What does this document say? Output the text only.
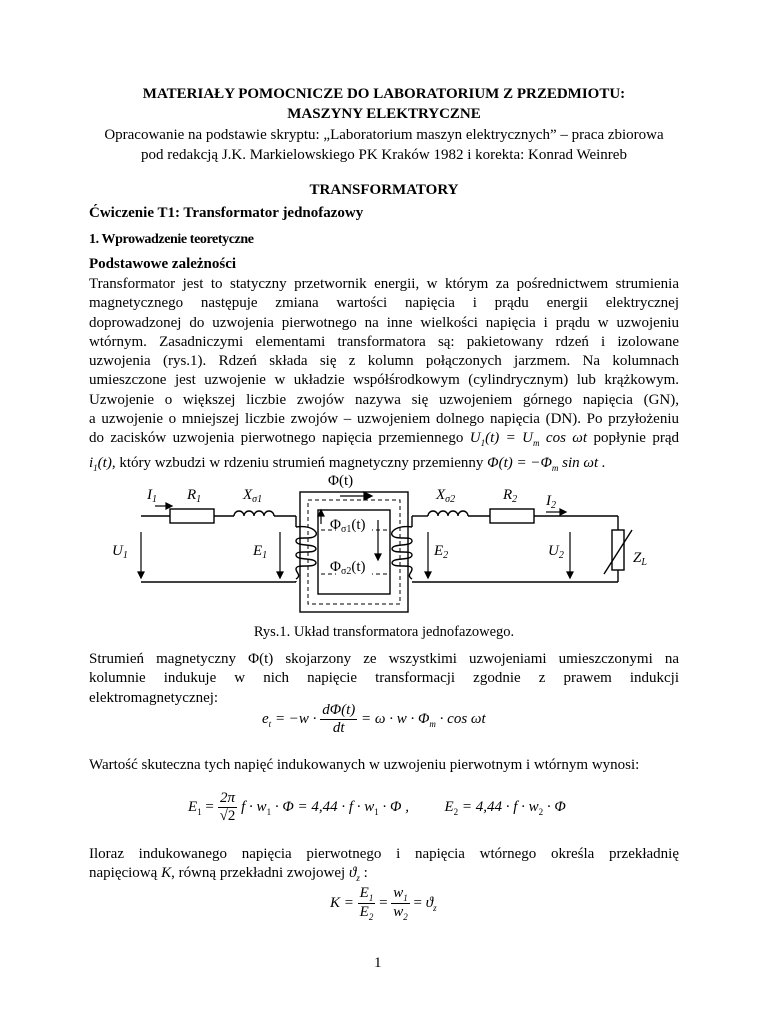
MATERIAŁY POMOCNICZE DO LABORATORIUM Z PRZEDMIOTU:
MASZYNY ELEKTRYCZNE
Opracowanie na podstawie skryptu: „Laboratorium maszyn elektrycznych” – praca zbiorowa
pod redakcją J.K. Markielowskiego PK Kraków 1982 i korekta: Konrad Weinreb
TRANSFORMATORY
Ćwiczenie T1: Transformator jednofazowy
1. Wprowadzenie teoretyczne
Podstawowe zależności
Transformator jest to statyczny przetwornik energii, w którym za pośrednictwem strumienia
magnetycznego następuje zmiana wartości napięcia i prądu energii elektrycznej
doprowadzonej do uzwojenia pierwotnego na inne wielkości napięcia i prądu w uzwojeniu
wtórnym. Zasadniczymi elementami transformatora są: pakietowany rdzeń i izolowane
uzwojenia (rys.1). Rdzeń składa się z kolumn połączonych jarzmem. Na kolumnach
umieszczone jest uzwojenie w układzie współśrodkowym (cylindrycznym) lub krążkowym.
Uzwojenie o większej liczbie zwojów nazywa się uzwojeniem górnego napięcia (GN),
a uzwojenie o mniejszej liczbie zwojów – uzwojeniem dolnego napięcia (DN). Po przyłożeniu
do zacisków uzwojenia pierwotnego napięcia przemiennego $U_1(t) = U_m$ cos ωt popłynie prąd
$i_1(t)$, który wzbudzi w rdzeniu strumień magnetyczny przemienny $\Phi(t) = -\Phi_m$ sin ωt .
Φ(t)
$I_1$ $R_1$	$X_{\sigma 1}$	$X_{\sigma 2}$	$R_2$ $I_2$
$U_1$	$E_1$
$\Phi_{\sigma 1}(t)$
$\Phi_{\sigma 2}(t)$
$E_2$	$U_2$	$Z_L$
Rys.1. Układ transformatora jednofazowego.
Strumień magnetyczny Φ(t) skojarzony ze wszystkimi uzwojeniami umieszczonymi na
kolumnie indukuje w nich napięcie transformacji zgodnie z prawem indukcji
elektromagnetycznej:
$e_t = -w \cdot \frac{d\Phi(t)}{dt} = \omega \cdot w \cdot \Phi_m \cdot \cos \omega t$
Wartość skuteczna tych napięć indukowanych w uzwojeniu pierwotnym i wtórnym wynosi:
$E_1 = \frac{2\pi}{√2}$ $f \cdot w_1 \cdot \Phi = 4,44 \cdot f \cdot w_1 \cdot \Phi$ , $E_2 = 4,44 \cdot f \cdot w_2 \cdot \Phi$
Iloraz indukowanego napięcia pierwotnego i napięcia wtórnego określa przekładnię
napięciową K, równą przekładni zwojowej $ϑ_z$ :
$K = \frac{E_1}{E_2} = \frac{w_1}{w_2} = ϑ_z$
1
